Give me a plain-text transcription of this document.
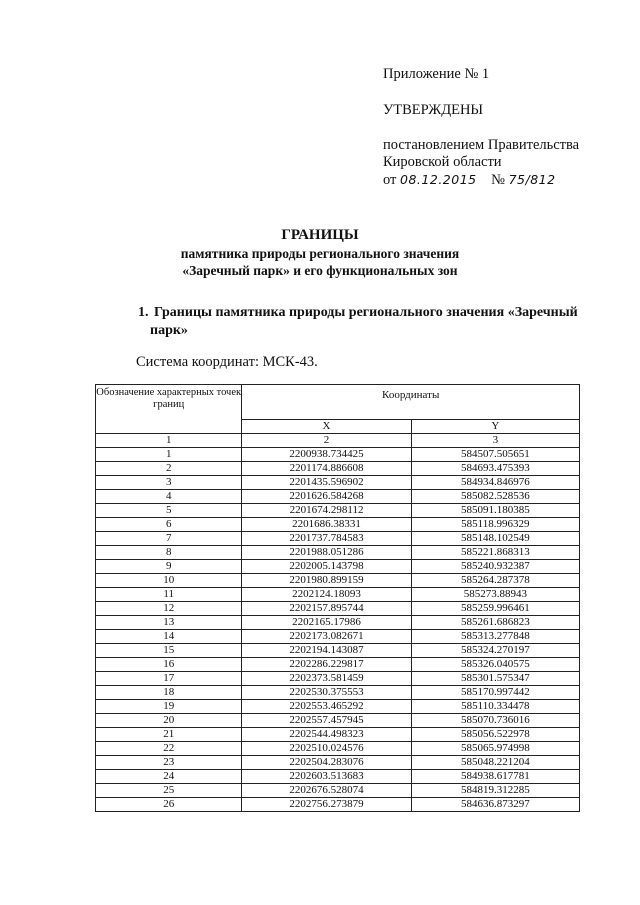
Приложение № 1
УТВЕРЖДЕНЫ
постановлением Правительства
Кировской области
от 08.12.2015 № 75/812
ГРАНИЦЫ
памятника природы регионального значения
«Заречный парк» и его функциональных зон
1. Границы памятника природы регионального значения «Заречный
парк»
Система координат: МСК-43.
Обозначение характерных точек границ	Координаты	
	X	Y
1	2	3
1	2200938.734425	584507.505651
2	2201174.886608	584693.475393
3	2201435.596902	584934.846976
4	2201626.584268	585082.528536
5	2201674.298112	585091.180385
6	2201686.38331	585118.996329
7	2201737.784583	585148.102549
8	2201988.051286	585221.868313
9	2202005.143798	585240.932387
10	2201980.899159	585264.287378
11	2202124.18093	585273.88943
12	2202157.895744	585259.996461
13	2202165.17986	585261.686823
14	2202173.082671	585313.277848
15	2202194.143087	585324.270197
16	2202286.229817	585326.040575
17	2202373.581459	585301.575347
18	2202530.375553	585170.997442
19	2202553.465292	585110.334478
20	2202557.457945	585070.736016
21	2202544.498323	585056.522978
22	2202510.024576	585065.974998
23	2202504.283076	585048.221204
24	2202603.513683	584938.617781
25	2202676.528074	584819.312285
26	2202756.273879	584636.873297
